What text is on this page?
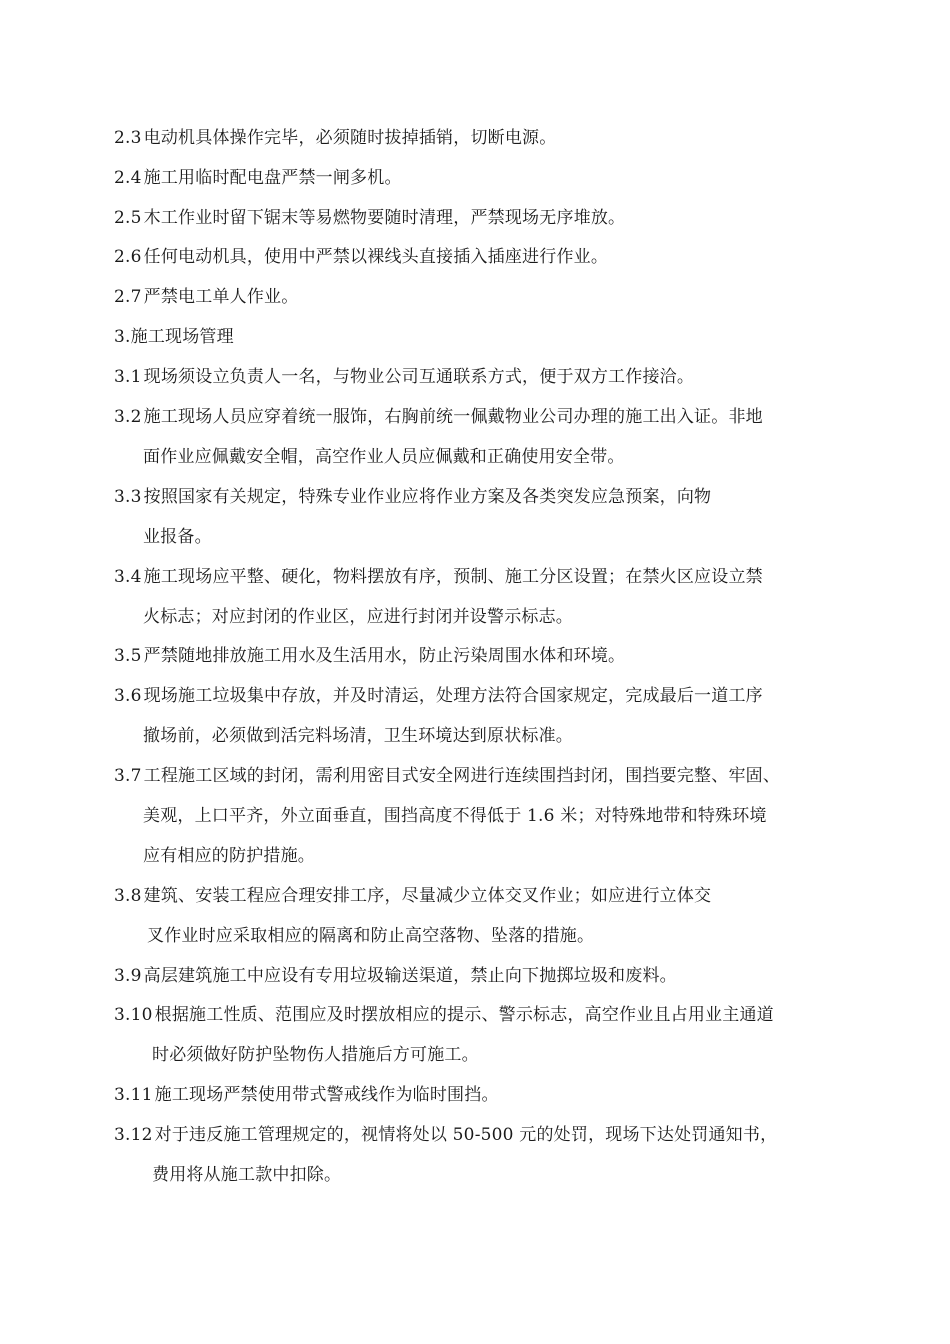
2.3 电动机具体操作完毕，必须随时拔掉插销，切断电源。
2.4 施工用临时配电盘严禁一闸多机。
2.5 木工作业时留下锯末等易燃物要随时清理，严禁现场无序堆放。
2.6 任何电动机具，使用中严禁以裸线头直接插入插座进行作业。
2.7 严禁电工单人作业。
3.施工现场管理
3.1 现场须设立负责人一名，与物业公司互通联系方式，便于双方工作接洽。
3.2 施工现场人员应穿着统一服饰，右胸前统一佩戴物业公司办理的施工出入证。非地
面作业应佩戴安全帽，高空作业人员应佩戴和正确使用安全带。
3.3 按照国家有关规定，特殊专业作业应将作业方案及各类突发应急预案，向物
业报备。
3.4 施工现场应平整、硬化，物料摆放有序，预制、施工分区设置；在禁火区应设立禁
火标志；对应封闭的作业区，应进行封闭并设警示标志。
3.5 严禁随地排放施工用水及生活用水，防止污染周围水体和环境。
3.6 现场施工垃圾集中存放，并及时清运，处理方法符合国家规定，完成最后一道工序
撤场前，必须做到活完料场清，卫生环境达到原状标准。
3.7 工程施工区域的封闭，需利用密目式安全网进行连续围挡封闭，围挡要完整、牢固、
美观，上口平齐，外立面垂直，围挡高度不得低于 1.6 米；对特殊地带和特殊环境
应有相应的防护措施。
3.8 建筑、安装工程应合理安排工序，尽量减少立体交叉作业；如应进行立体交
叉作业时应采取相应的隔离和防止高空落物、坠落的措施。
3.9 高层建筑施工中应设有专用垃圾输送渠道，禁止向下抛掷垃圾和废料。
3.10 根据施工性质、范围应及时摆放相应的提示、警示标志，高空作业且占用业主通道
时必须做好防护坠物伤人措施后方可施工。
3.11 施工现场严禁使用带式警戒线作为临时围挡。
3.12 对于违反施工管理规定的，视情将处以 50-500 元的处罚，现场下达处罚通知书，
费用将从施工款中扣除。
